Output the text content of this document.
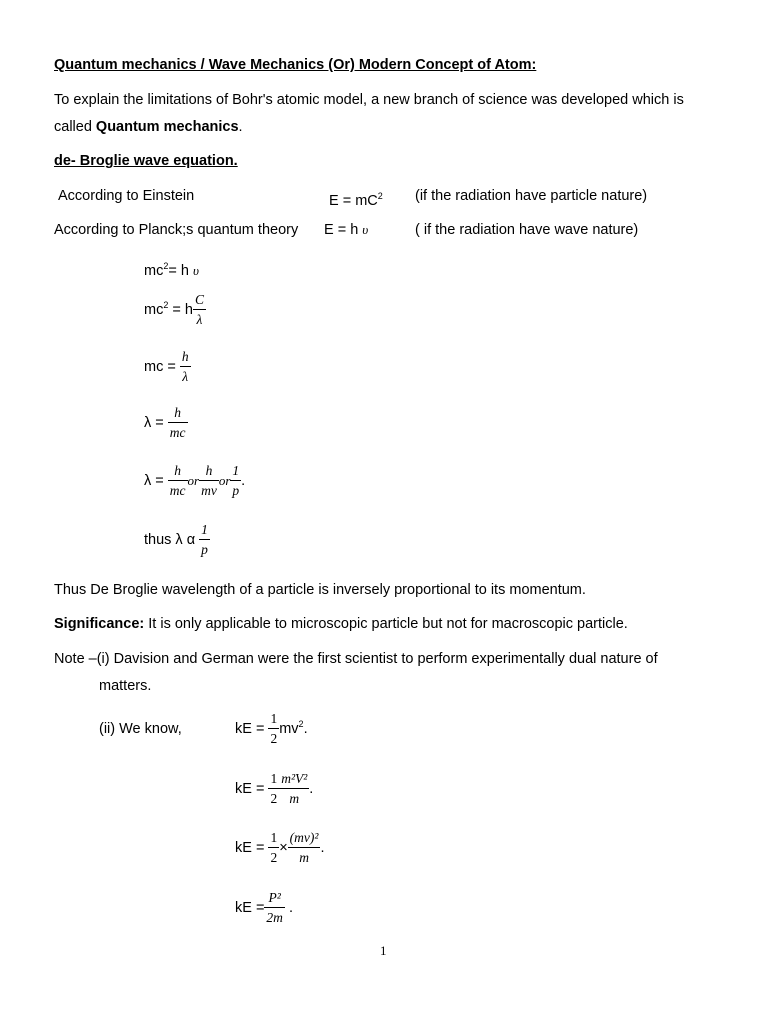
Quantum mechanics / Wave Mechanics (Or) Modern Concept of Atom:
To explain the limitations of Bohr's atomic model, a new branch of science was developed which is
called Quantum mechanics.
de- Broglie wave equation.
According to Einstein	$E = mC^2$ (if the radiation have particle nature)
According to Planck;s quantum theory E = h υ	( if the radiation have wave nature)
$mc^2= h$ υ
$mc^2 = h \frac{C}{\lambda}$
mc = $\frac{h}{\lambda}$
$\lambda = \frac{h}{mc}$
$\lambda = \frac{h}{mc}$ or $\frac{h}{mv}$ or $\frac{1}{p}$ .
thus λ α $\frac{1}{p}$
Thus De Broglie wavelength of a particle is inversely proportional to its momentum.
Significance: It is only applicable to microscopic particle but not for macroscopic particle.
Note –(i) Davision and German were the first scientist to perform experimentally dual nature of
matters.
(ii) We know,	kE = $\frac{1}{2} mv^2$.
kE = $\frac{1}{2} \frac{\text{m²V²}}{m}$ .
kE = $\frac{1}{2} \times \frac{\text{(mv)²}}{m}$ .
kE = $\frac{\text{P²}}{2m}$ .
1
